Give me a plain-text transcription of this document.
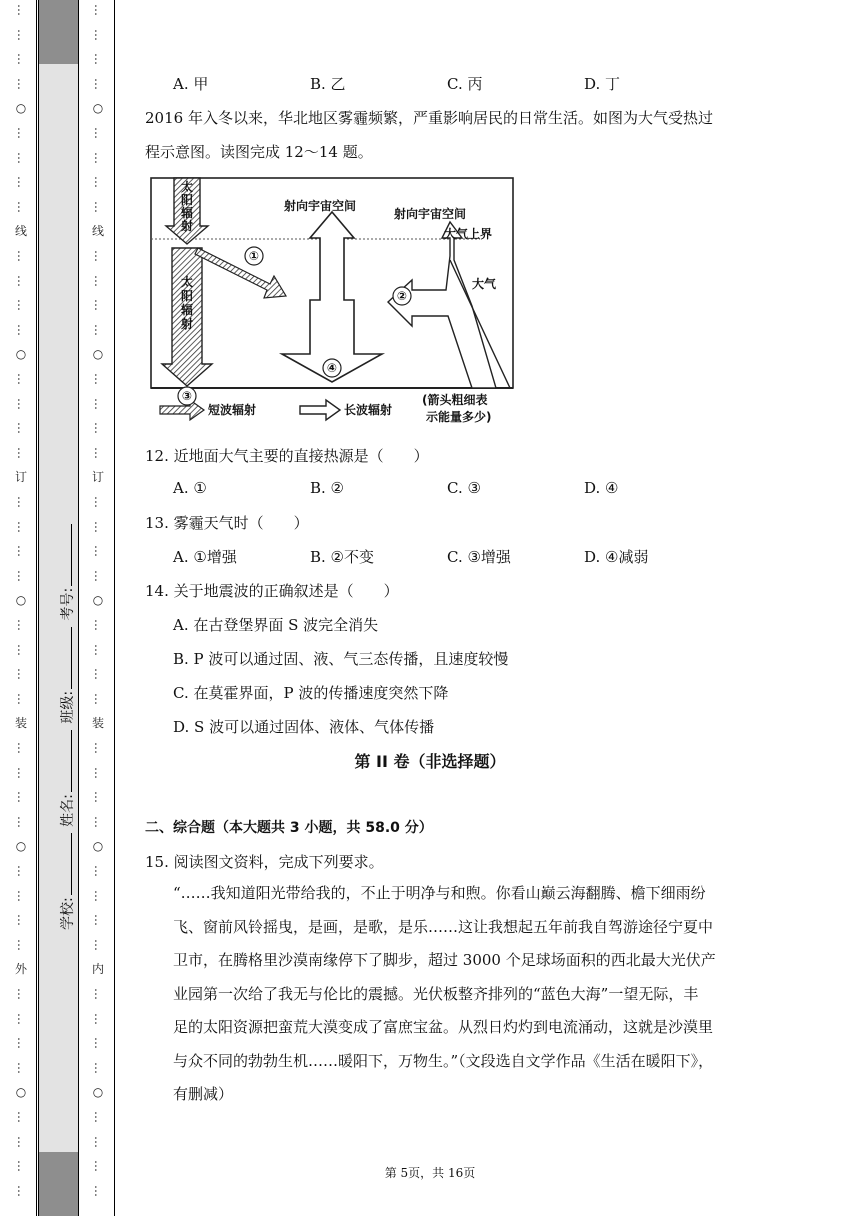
…
…
…
…
○
…
…
…
…
线
…
…
…
…
○
…
…
…
…
订
…
…
…
…
○
…
…
…
…
装
…
…
…
…
○
…
…
…
…
外
…
…
…
…
○
…
…
…
…
…
…
…
…
○
…
…
…
…
线
…
…
…
…
○
…
…
…
…
订
…
…
…
…
○
…
…
…
…
装
…
…
…
…
○
…
…
…
…
内
…
…
…
…
○
…
…
…
…
学校: 姓名: 班级: 考号:
A. 甲	B. 乙	C. 丙	D. 丁
2016 年入冬以来，华北地区雾霾频繁，严重影响居民的日常生活。如图为大气受热过
程示意图。读图完成 12～14 题。
太
阳
辐
射
太
阳
辐
射
射向宇宙空间
射向宇宙空间
大气上界
大气
①
②
③
④
短波辐射	长波辐射
(箭头粗细表
示能量多少)
12. 近地面大气主要的直接热源是（　　）
A. ①	B. ②	C. ③	D. ④
13. 雾霾天气时（　　）
A. ①增强	B. ②不变	C. ③增强	D. ④减弱
14. 关于地震波的正确叙述是（　　）
A. 在古登堡界面 S 波完全消失
B. P 波可以通过固、液、气三态传播，且速度较慢
C. 在莫霍界面，P 波的传播速度突然下降
D. S 波可以通过固体、液体、气体传播
第 II 卷（非选择题）
二、综合题（本大题共 3 小题，共 58.0 分）
15. 阅读图文资料，完成下列要求。
“……我知道阳光带给我的，不止于明净与和煦。你看山巅云海翻腾、檐下细雨纷
飞、窗前风铃摇曳，是画，是歌，是乐……这让我想起五年前我自驾游途径宁夏中
卫市，在腾格里沙漠南缘停下了脚步，超过 3000 个足球场面积的西北最大光伏产
业园第一次给了我无与伦比的震撼。光伏板整齐排列的“蓝色大海”一望无际，丰
足的太阳资源把蛮荒大漠变成了富庶宝盆。从烈日灼灼到电流涌动，这就是沙漠里
与众不同的勃勃生机……暖阳下，万物生。”（文段选自文学作品《生活在暖阳下》，
有删减）
第 5页，共 16页
